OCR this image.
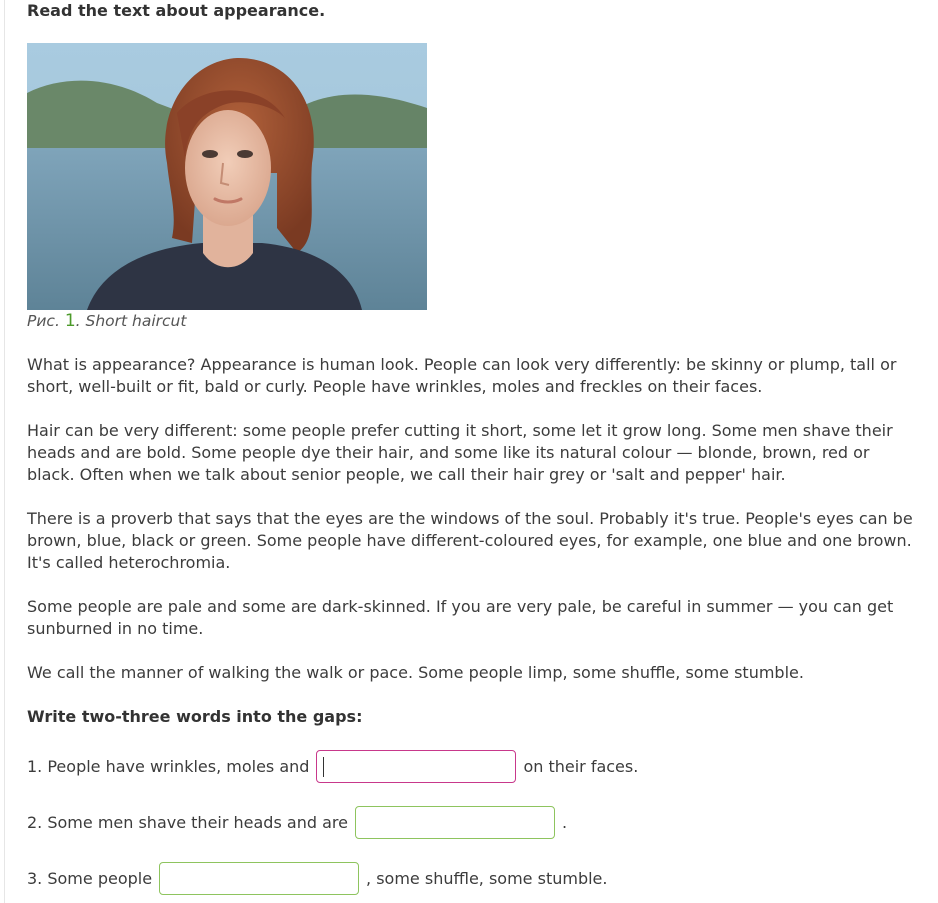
Read the text about appearance.

Рис. 1. Short haircut

What is appearance? Appearance is human look. People can look very differently: be skinny or plump, tall or short, well-built or fit, bald or curly. People have wrinkles, moles and freckles on their faces.

Hair can be very different: some people prefer cutting it short, some let it grow long. Some men shave their heads and are bold. Some people dye their hair, and some like its natural colour — blonde, brown, red or black. Often when we talk about senior people, we call their hair grey or 'salt and pepper' hair.

There is a proverb that says that the eyes are the windows of the soul. Probably it's true. People's eyes can be brown, blue, black or green. Some people have different-coloured eyes, for example, one blue and one brown. It's called heterochromia.

Some people are pale and some are dark-skinned. If you are very pale, be careful in summer — you can get sunburned in no time.

We call the manner of walking the walk or pace. Some people limp, some shuffle, some stumble.

Write two-three words into the gaps:

1. People have wrinkles, moles and	on their faces.
2. Some men shave their heads and are	.
3. Some people	, some shuffle, some stumble.
